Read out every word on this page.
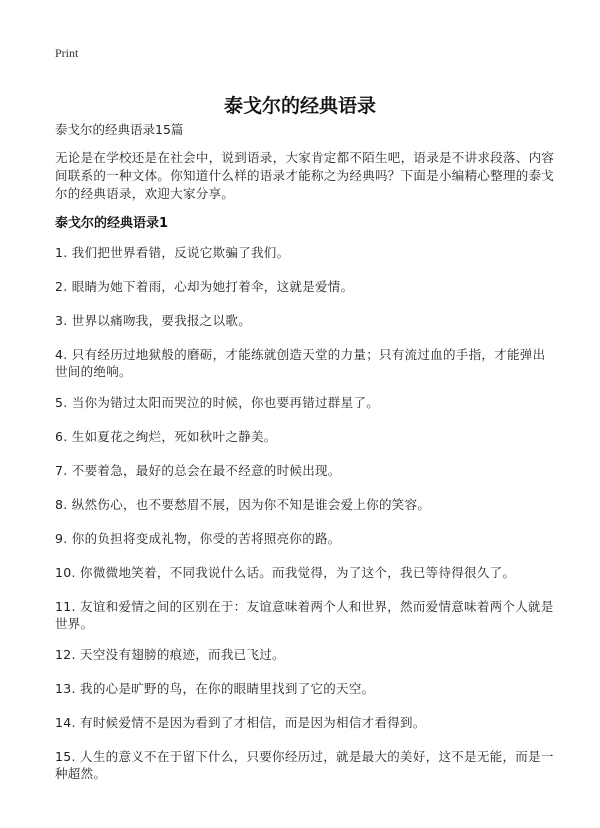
Print
泰戈尔的经典语录

泰戈尔的经典语录15篇

无论是在学校还是在社会中，说到语录，大家肯定都不陌生吧，语录是不讲求段落、内容间联系的一种文体。你知道什么样的语录才能称之为经典吗？下面是小编精心整理的泰戈尔的经典语录，欢迎大家分享。

泰戈尔的经典语录1
1. 我们把世界看错，反说它欺骗了我们。
2. 眼睛为她下着雨，心却为她打着伞，这就是爱情。
3. 世界以痛吻我，要我报之以歌。
4. 只有经历过地狱般的磨砺，才能练就创造天堂的力量；只有流过血的手指，才能弹出世间的绝响。
5. 当你为错过太阳而哭泣的时候，你也要再错过群星了。
6. 生如夏花之绚烂，死如秋叶之静美。
7. 不要着急，最好的总会在最不经意的时候出现。
8. 纵然伤心，也不要愁眉不展，因为你不知是谁会爱上你的笑容。
9. 你的负担将变成礼物，你受的苦将照亮你的路。
10. 你微微地笑着，不同我说什么话。而我觉得，为了这个，我已等待得很久了。
11. 友谊和爱情之间的区别在于：友谊意味着两个人和世界，然而爱情意味着两个人就是世界。
12. 天空没有翅膀的痕迹，而我已飞过。
13. 我的心是旷野的鸟，在你的眼睛里找到了它的天空。
14. 有时候爱情不是因为看到了才相信，而是因为相信才看得到。
15. 人生的意义不在于留下什么，只要你经历过，就是最大的美好，这不是无能，而是一种超然。
